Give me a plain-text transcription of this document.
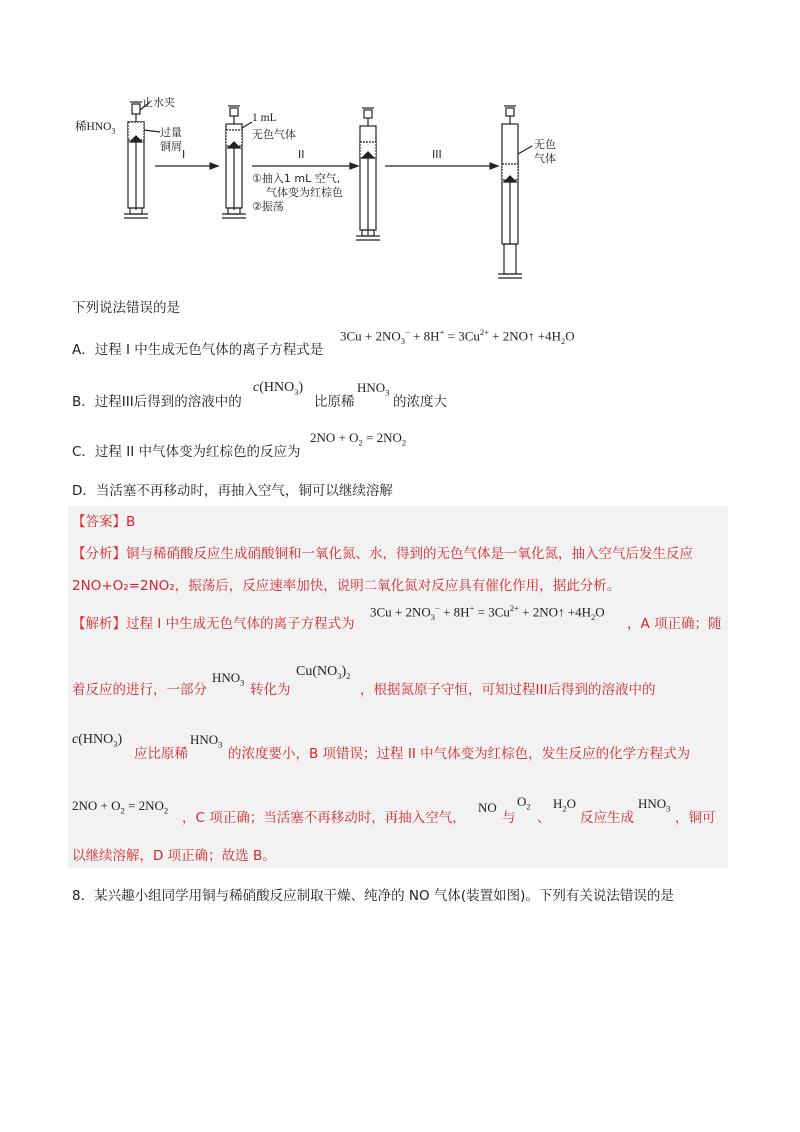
止水夹
稀$HNO_3$	过量
铜屑
I
1 mL
无色气体
II
①抽入1 mL 空气,
气体变为红棕色
②振荡
III
无色
气体
下列说法错误的是
A．过程 I 中生成无色气体的离子方程式是
$3Cu + 2NO_3^- + 8H^+ = 3Cu^{2+}$ + 2NO↑ $+4H_2O$
B．过程III后得到的溶液中的
$c(HNO_3)$
比原稀
$HNO_3$
的浓度大
C．过程 II 中气体变为红棕色的反应为
$2NO + O_2 = 2NO_2$
D．当活塞不再移动时，再抽入空气，铜可以继续溶解
【答案】B
【分析】铜与稀硝酸反应生成硝酸铜和一氧化氮、水，得到的无色气体是一氧化氮，抽入空气后发生反应
2NO+O₂=2NO₂，振荡后，反应速率加快，说明二氧化氮对反应具有催化作用，据此分析。
【解析】过程 I 中生成无色气体的离子方程式为
$3Cu + 2NO_3^- + 8H^+ = 3Cu^{2+}$ + 2NO↑ $+4H_2O$
，A 项正确；随
着反应的进行，一部分
$HNO_3$ 转化为
$Cu(NO_3)_2$
，根据氮原子守恒，可知过程III后得到的溶液中的
$c(HNO_3)$
应比原稀
$HNO_3$
的浓度要小，B 项错误；过程 II 中气体变为红棕色，发生反应的化学方程式为
$2NO + O_2 = 2NO_2$ ，C 项正确；当活塞不再移动时，再抽入空气，
NO
与
$O_2$
、
$H_2O$
反应生成
$HNO_3$
，铜可
以继续溶解，D 项正确；故选 B。
8．某兴趣小组同学用铜与稀硝酸反应制取干燥、纯净的 NO 气体(装置如图)。下列有关说法错误的是
